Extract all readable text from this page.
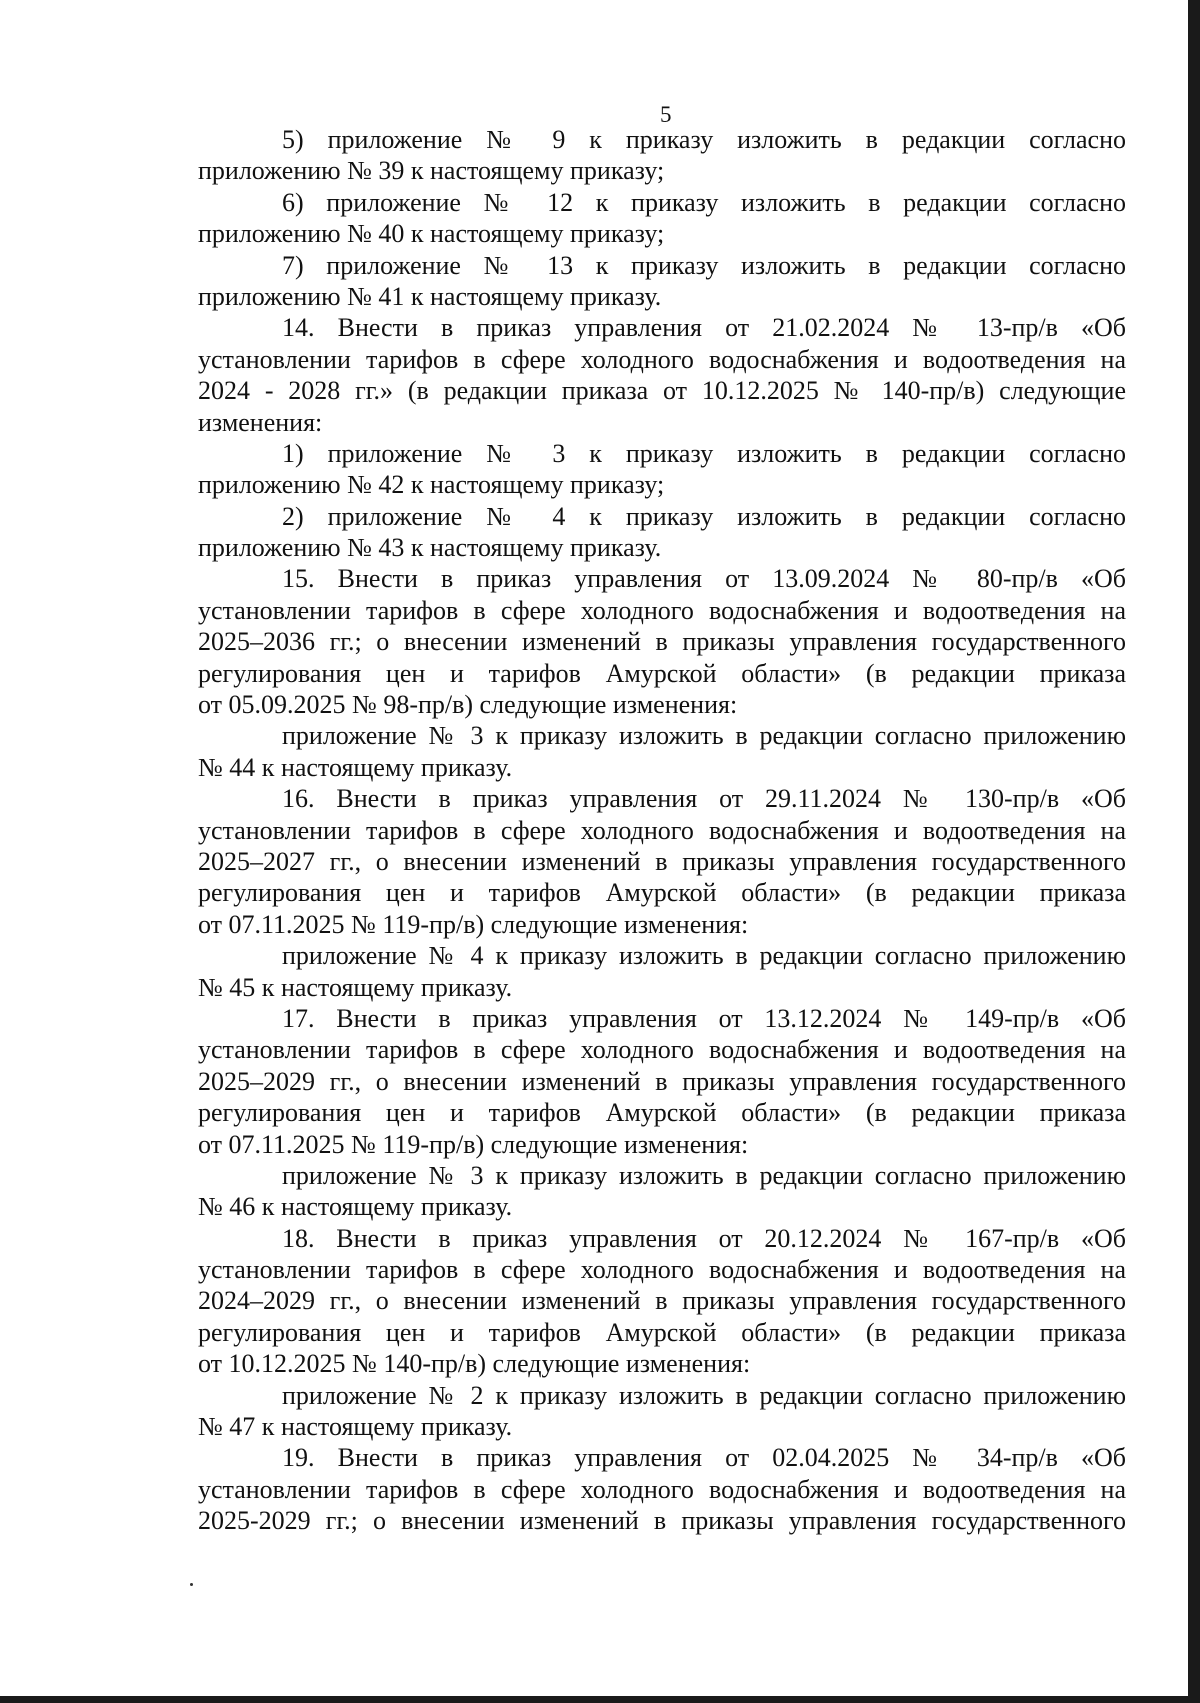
5
5) приложение № 9 к приказу изложить в редакции согласно
приложению № 39 к настоящему приказу;
6) приложение № 12 к приказу изложить в редакции согласно
приложению № 40 к настоящему приказу;
7) приложение № 13 к приказу изложить в редакции согласно
приложению № 41 к настоящему приказу.
14. Внести в приказ управления от 21.02.2024 № 13-пр/в «Об
установлении тарифов в сфере холодного водоснабжения и водоотведения на
2024 - 2028 гг.» (в редакции приказа от 10.12.2025 № 140-пр/в) следующие
изменения:
1) приложение № 3 к приказу изложить в редакции согласно
приложению № 42 к настоящему приказу;
2) приложение № 4 к приказу изложить в редакции согласно
приложению № 43 к настоящему приказу.
15. Внести в приказ управления от 13.09.2024 № 80-пр/в «Об
установлении тарифов в сфере холодного водоснабжения и водоотведения на
2025–2036 гг.; о внесении изменений в приказы управления государственного
регулирования цен и тарифов Амурской области» (в редакции приказа
от 05.09.2025 № 98-пр/в) следующие изменения:
приложение № 3 к приказу изложить в редакции согласно приложению
№ 44 к настоящему приказу.
16. Внести в приказ управления от 29.11.2024 № 130-пр/в «Об
установлении тарифов в сфере холодного водоснабжения и водоотведения на
2025–2027 гг., о внесении изменений в приказы управления государственного
регулирования цен и тарифов Амурской области» (в редакции приказа
от 07.11.2025 № 119-пр/в) следующие изменения:
приложение № 4 к приказу изложить в редакции согласно приложению
№ 45 к настоящему приказу.
17. Внести в приказ управления от 13.12.2024 № 149-пр/в «Об
установлении тарифов в сфере холодного водоснабжения и водоотведения на
2025–2029 гг., о внесении изменений в приказы управления государственного
регулирования цен и тарифов Амурской области» (в редакции приказа
от 07.11.2025 № 119-пр/в) следующие изменения:
приложение № 3 к приказу изложить в редакции согласно приложению
№ 46 к настоящему приказу.
18. Внести в приказ управления от 20.12.2024 № 167-пр/в «Об
установлении тарифов в сфере холодного водоснабжения и водоотведения на
2024–2029 гг., о внесении изменений в приказы управления государственного
регулирования цен и тарифов Амурской области» (в редакции приказа
от 10.12.2025 № 140-пр/в) следующие изменения:
приложение № 2 к приказу изложить в редакции согласно приложению
№ 47 к настоящему приказу.
19. Внести в приказ управления от 02.04.2025 № 34-пр/в «Об
установлении тарифов в сфере холодного водоснабжения и водоотведения на
2025-2029 гг.; о внесении изменений в приказы управления государственного
